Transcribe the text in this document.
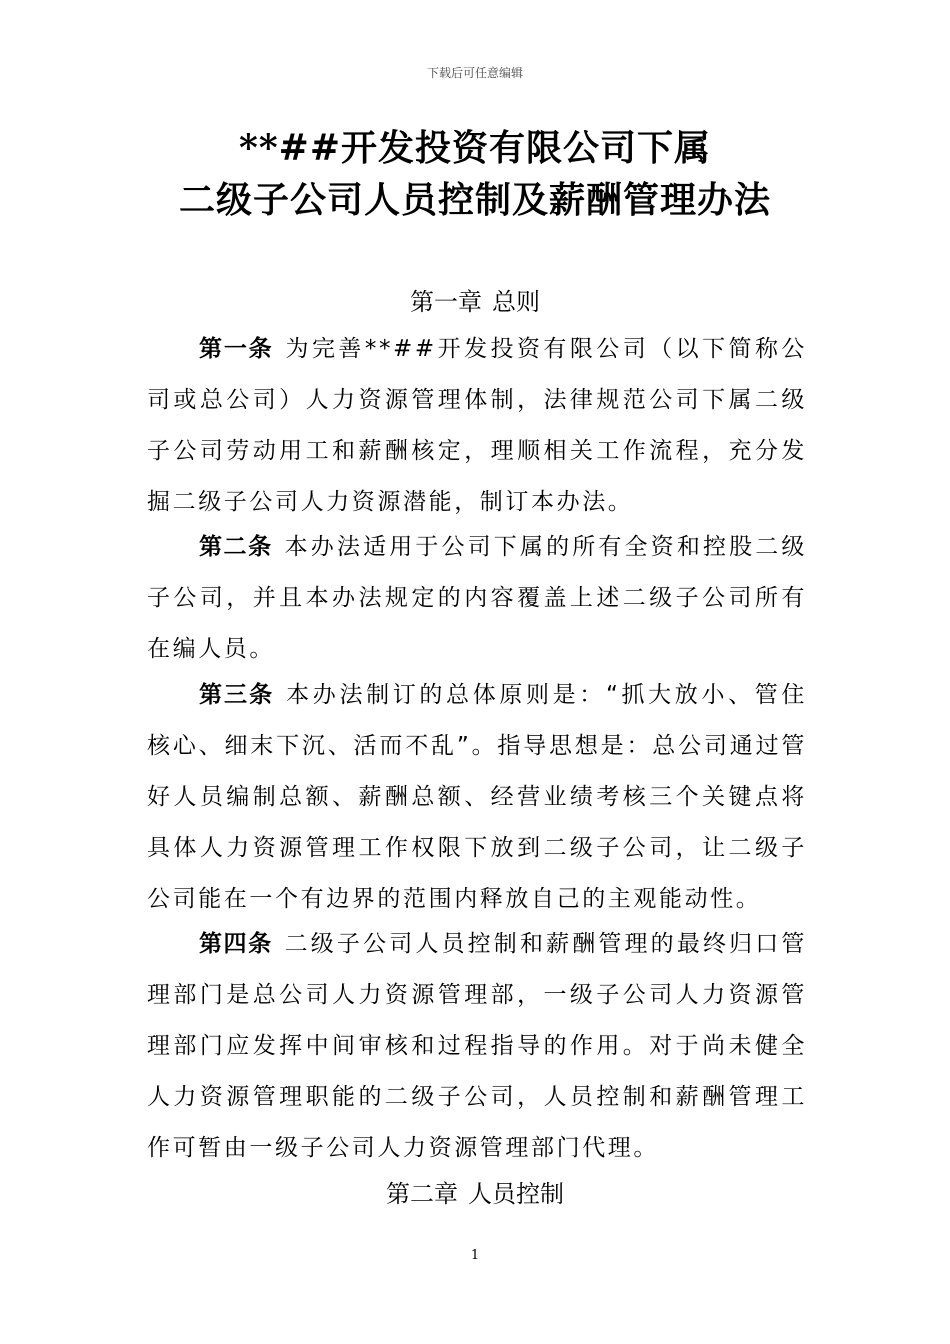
下载后可任意编辑
**##开发投资有限公司下属
二级子公司人员控制及薪酬管理办法
第一章 总则

第一条 为完善**##开发投资有限公司（以下简称公司或总公司）人力资源管理体制，法律规范公司下属二级子公司劳动用工和薪酬核定，理顺相关工作流程，充分发掘二级子公司人力资源潜能，制订本办法。

第二条 本办法适用于公司下属的所有全资和控股二级子公司，并且本办法规定的内容覆盖上述二级子公司所有在编人员。

第三条 本办法制订的总体原则是：“抓大放小、管住核心、细末下沉、活而不乱”。指导思想是：总公司通过管好人员编制总额、薪酬总额、经营业绩考核三个关键点将具体人力资源管理工作权限下放到二级子公司，让二级子公司能在一个有边界的范围内释放自己的主观能动性。

第四条 二级子公司人员控制和薪酬管理的最终归口管理部门是总公司人力资源管理部，一级子公司人力资源管理部门应发挥中间审核和过程指导的作用。对于尚未健全人力资源管理职能的二级子公司，人员控制和薪酬管理工作可暂由一级子公司人力资源管理部门代理。

第二章 人员控制
1
